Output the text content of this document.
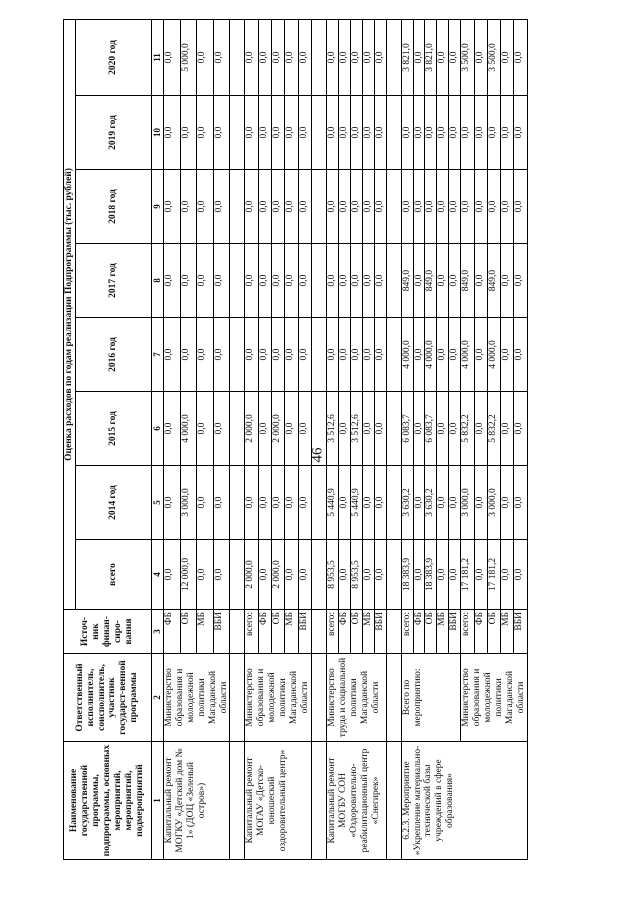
46
Наименование государственной программы, подпрограммы, основных мероприятий, мероприятий, подмероприятий	Ответственный исполнитель, соисполнитель, участник государст-венной программы	Источ-ник финан-сиро-вания	Оценка расходов по годам реализации Подпрограммы (тыс. рублей)							
			всего	2014 год	2015 год	2016 год	2017 год	2018 год	2019 год	2020 год
1	2	3	4	5	6	7	8	9	10	11
Капитальный ремонт МОГКУ «Детский дом № 1» (ДОЦ «Зеленый остров»)	Министерство образования и молодежной политики Магаданской области	ФБ	0,0	0,0	0,0	0,0	0,0	0,0	0,0	0,0
		ОБ	12 000,0	3 000,0	4 000,0	0,0	0,0	0,0	0,0	5 000,0
		МБ	0,0	0,0	0,0	0,0	0,0	0,0	0,0	0,0
		ВБИ	0,0	0,0	0,0	0,0	0,0	0,0	0,0	0,0

Капитальный ремонт МОГАУ «Детско-юношеский оздоровительный центр»	Министерство образования и молодежной политики Магаданской области	всего:	2 000,0	0,0	2 000,0	0,0	0,0	0,0	0,0	0,0
		ФБ	0,0	0,0	0,0	0,0	0,0	0,0	0,0	0,0
		ОБ	2 000,0	0,0	2 000,0	0,0	0,0	0,0	0,0	0,0
		МБ	0,0	0,0	0,0	0,0	0,0	0,0	0,0	0,0
		ВБИ	0,0	0,0	0,0	0,0	0,0	0,0	0,0	0,0

Капитальный ремонт МОГБУ СОН «Оздоровительно-реабилитационный центр «Снегирек»	Министерство труда и социальной политики Магаданской области	всего:	8 953,5	5 440,9	3 512,6	0,0	0,0	0,0	0,0	0,0
		ФБ	0,0	0,0	0,0	0,0	0,0	0,0	0,0	0,0
		ОБ	8 953,5	5 440,9	3 512,6	0,0	0,0	0,0	0,0	0,0
		МБ	0,0	0,0	0,0	0,0	0,0	0,0	0,0	0,0
		ВБИ	0,0	0,0	0,0	0,0	0,0	0,0	0,0	0,0

6.2.3. Мероприятие «Укрепление материально-технической базы учреждений в сфере образования»	Всего по мероприятию:	всего:	18 383,9	3 630,2	6 083,7	4 000,0	849,0	0,0	0,0	3 821,0
		ФБ	0,0	0,0	0,0	0,0	0,0	0,0	0,0	0,0
		ОБ	18 383,9	3 630,2	6 083,7	4 000,0	849,0	0,0	0,0	3 821,0
		МБ	0,0	0,0	0,0	0,0	0,0	0,0	0,0	0,0
		ВБИ	0,0	0,0	0,0	0,0	0,0	0,0	0,0	0,0
	Министерство образования и молодежной политики Магаданской области	всего:	17 181,2	3 000,0	5 832,2	4 000,0	849,0	0,0	0,0	3 500,0
		ФБ	0,0	0,0	0,0	0,0	0,0	0,0	0,0	0,0
		ОБ	17 181,2	3 000,0	5 832,2	4 000,0	849,0	0,0	0,0	3 500,0
		МБ	0,0	0,0	0,0	0,0	0,0	0,0	0,0	0,0
		ВБИ	0,0	0,0	0,0	0,0	0,0	0,0	0,0	0,0
